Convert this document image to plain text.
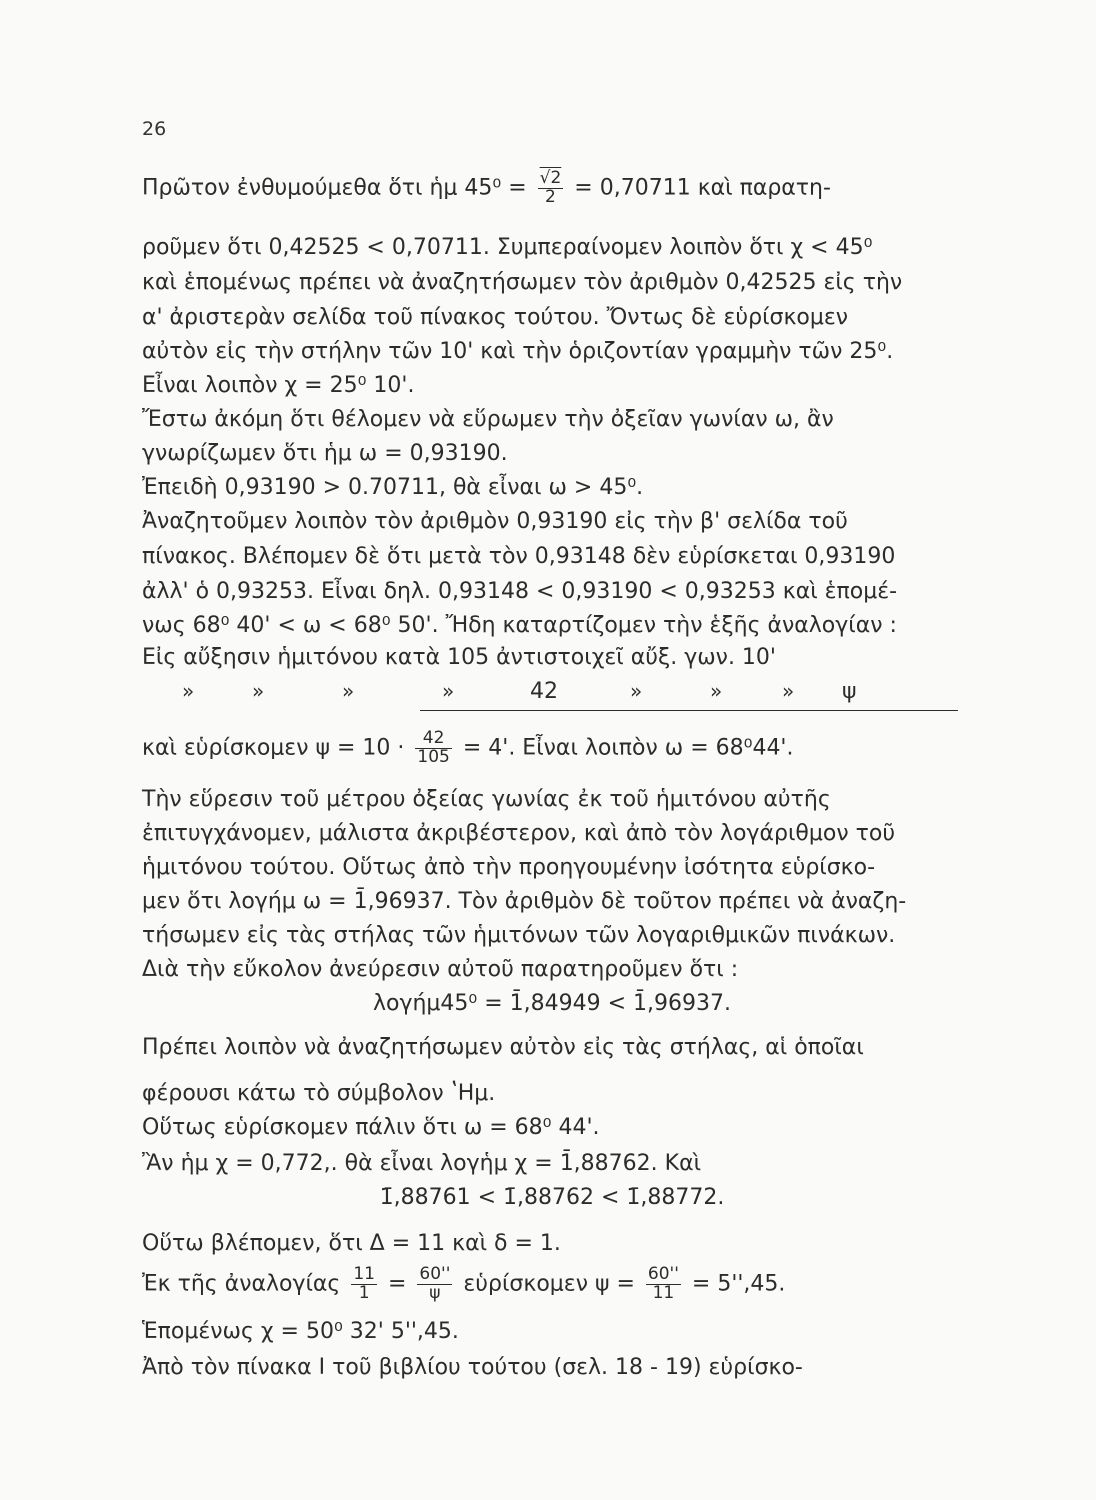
26
Πρῶτον ἐνθυμούμεθα ὅτι ἡμ $45^0 = \frac{√2}{2} = 0,70711$ καὶ παρατη-
ροῦμεν ὅτι 0,42525 < 0,70711. Συμπεραίνομεν λοιπὸν ὅτι χ < 45⁰
καὶ ἑπομένως πρέπει νὰ ἀναζητήσωμεν τὸν ἀριθμὸν 0,42525 εἰς τὴν
α' ἀριστερὰν σελίδα τοῦ πίνακος τούτου. Ὄντως δὲ εὑρίσκομεν
αὐτὸν εἰς τὴν στήλην τῶν 10' καὶ τὴν ὁριζοντίαν γραμμὴν τῶν 25⁰.
Εἶναι λοιπὸν χ = 25⁰ 10'.
Ἔστω ἀκόμη ὅτι θέλομεν νὰ εὕρωμεν τὴν ὀξεῖαν γωνίαν ω, ἂν
γνωρίζωμεν ὅτι ἡμ ω = 0,93190.
Ἐπειδὴ 0,93190 > 0.70711, θὰ εἶναι ω > 45⁰.
Ἀναζητοῦμεν λοιπὸν τὸν ἀριθμὸν 0,93190 εἰς τὴν β' σελίδα τοῦ
πίνακος. Βλέπομεν δὲ ὅτι μετὰ τὸν 0,93148 δὲν εὑρίσκεται 0,93190
ἀλλ' ὁ 0,93253. Εἶναι δηλ. 0,93148 < 0,93190 < 0,93253 καὶ ἑπομέ-
νως 68⁰ 40' < ω < 68⁰ 50'. Ἤδη καταρτίζομεν τὴν ἑξῆς ἀναλογίαν :
Εἰς αὔξησιν ἡμιτόνου κατὰ 105 ἀντιστοιχεῖ αὔξ. γων. 10'
»	»	»	»	42	»	»	» ψ
καὶ εὑρίσκομεν $\psi = 10 \cdot \frac{42}{105} = 4'$. Εἶναι λοιπὸν ω = 68⁰44'.
Τὴν εὕρεσιν τοῦ μέτρου ὀξείας γωνίας ἐκ τοῦ ἡμιτόνου αὐτῆς
ἐπιτυγχάνομεν, μάλιστα ἀκριβέστερον, καὶ ἀπὸ τὸν λογάριθμον τοῦ
ἡμιτόνου τούτου. Οὕτως ἀπὸ τὴν προηγουμένην ἰσότητα εὑρίσκο-
μεν ὅτι λογήμ ω = 1̄,96937. Τὸν ἀριθμὸν δὲ τοῦτον πρέπει νὰ ἀναζη-
τήσωμεν εἰς τὰς στήλας τῶν ἡμιτόνων τῶν λογαριθμικῶν πινάκων.
Διὰ τὴν εὔκολον ἀνεύρεσιν αὐτοῦ παρατηροῦμεν ὅτι :
λογήμ45⁰ = 1̄,84949 < 1̄,96937.
Πρέπει λοιπὸν νὰ ἀναζητήσωμεν αὐτὸν εἰς τὰς στήλας, αἱ ὁποῖαι
φέρουσι κάτω τὸ σύμβολον ʽΗμ.
Οὕτως εὑρίσκομεν πάλιν ὅτι ω = 68⁰ 44'.
Ἂν ἡμ χ = 0,772,. θὰ εἶναι λογἡμ χ = 1̄,88762. Καὶ
1̄,88761 < 1̄,88762 < 1̄,88772.
Οὕτω βλέπομεν, ὅτι Δ = 11 καὶ δ = 1.
Ἐκ τῆς ἀναλογίας $\frac{11}{1} = \frac{60''}{\psi}$ εὑρίσκομεν $\psi = \frac{60''}{11} = 5'',45$.
Ἑπομένως χ = 50⁰ 32' 5'',45.
Ἀπὸ τὸν πίνακα Ι τοῦ βιβλίου τούτου (σελ. 18 - 19) εὑρίσκο-
